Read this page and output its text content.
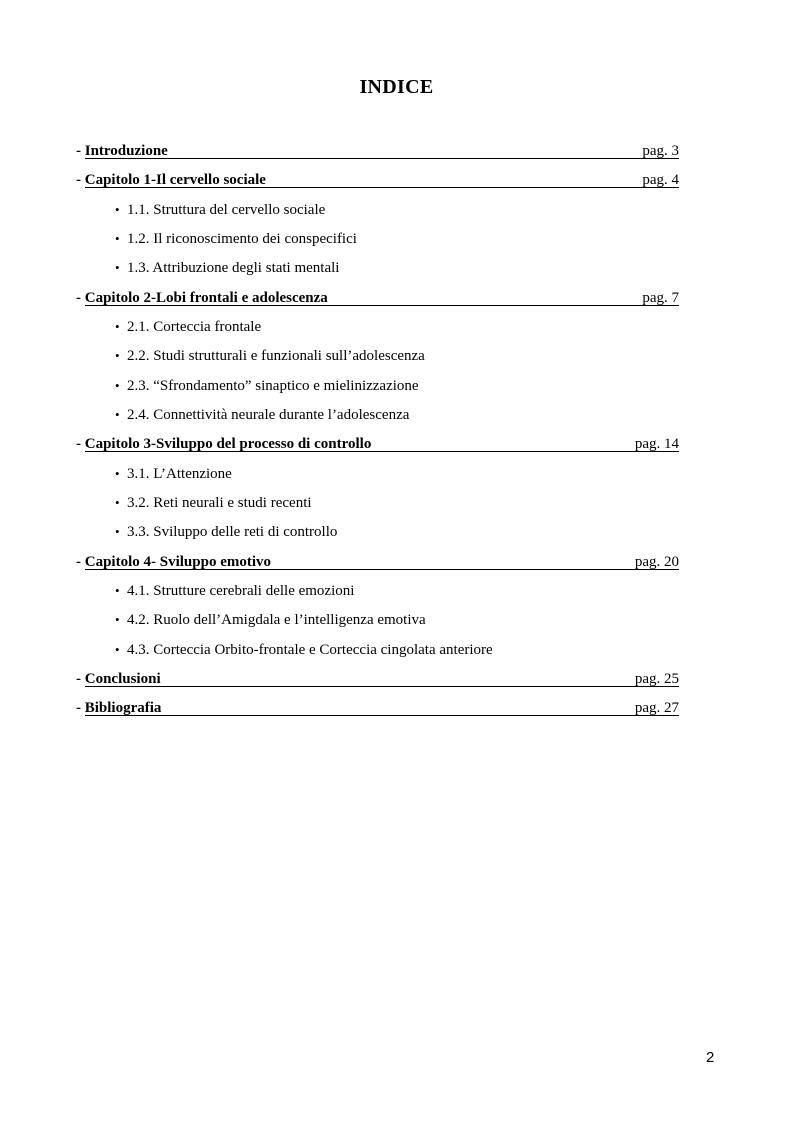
INDICE
- Introduzione	pag. 3
- Capitolo 1-Il cervello sociale	pag. 4
• 1.1. Struttura del cervello sociale
• 1.2. Il riconoscimento dei conspecifici
• 1.3. Attribuzione degli stati mentali
- Capitolo 2-Lobi frontali e adolescenza	pag. 7
• 2.1. Corteccia frontale
• 2.2. Studi strutturali e funzionali sull’adolescenza
• 2.3. “Sfrondamento” sinaptico e mielinizzazione
• 2.4. Connettività neurale durante l’adolescenza
- Capitolo 3-Sviluppo del processo di controllo	pag. 14
• 3.1. L’Attenzione
• 3.2. Reti neurali e studi recenti
• 3.3. Sviluppo delle reti di controllo
- Capitolo 4- Sviluppo emotivo	pag. 20
• 4.1. Strutture cerebrali delle emozioni
• 4.2. Ruolo dell’Amigdala e l’intelligenza emotiva
• 4.3. Corteccia Orbito-frontale e Corteccia cingolata anteriore
- Conclusioni	pag. 25
- Bibliografia	pag. 27
2
